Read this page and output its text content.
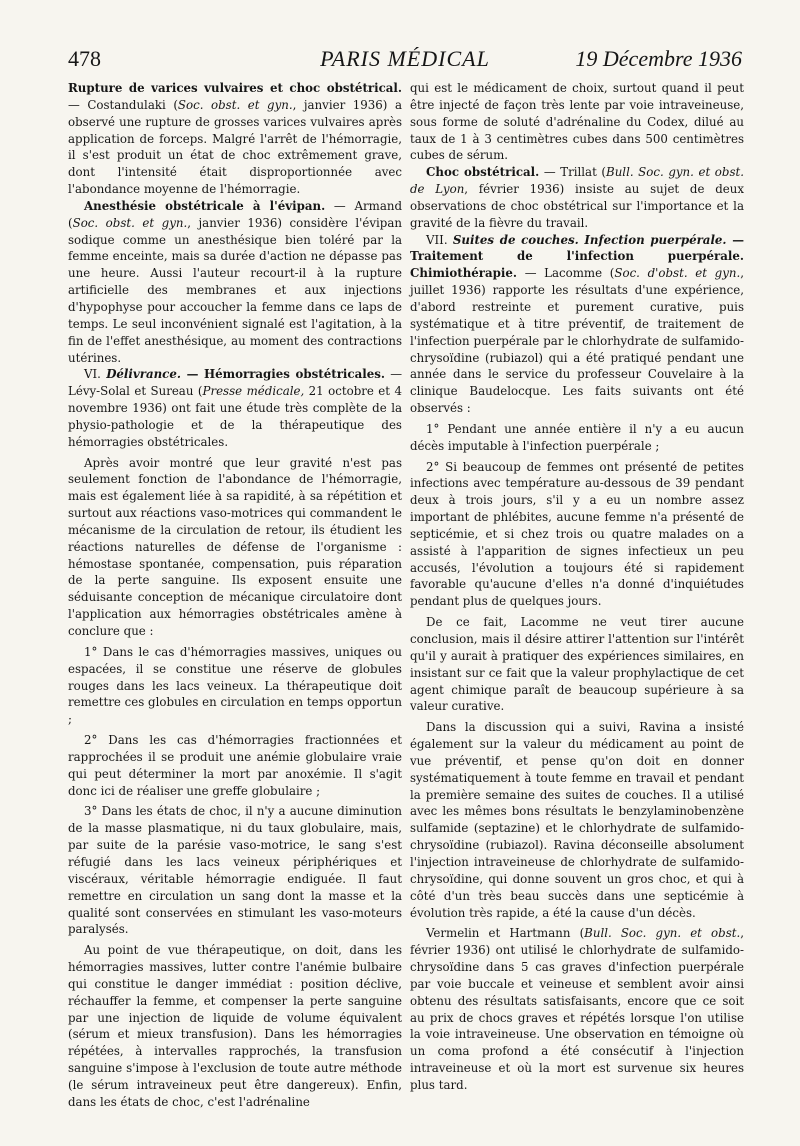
478	PARIS MÉDICAL	19 Décembre 1936

Rupture de varices vulvaires et choc obstétrical. — Costandulaki (Soc. obst. et gyn., janvier 1936) a observé une rupture de grosses varices vulvaires après application de forceps. Malgré l'arrêt de l'hémorragie, il s'est produit un état de choc extrêmement grave, dont l'intensité était disproportionnée avec l'abondance moyenne de l'hémorragie.

Anesthésie obstétricale à l'évipan. — Armand (Soc. obst. et gyn., janvier 1936) considère l'évipan sodique comme un anesthésique bien toléré par la femme enceinte, mais sa durée d'action ne dépasse pas une heure. Aussi l'auteur recourt-il à la rupture artificielle des membranes et aux injections d'hypophyse pour accoucher la femme dans ce laps de temps. Le seul inconvénient signalé est l'agitation, à la fin de l'effet anesthésique, au moment des contractions utérines.

VI. Délivrance. — Hémorragies obstétricales. — Lévy-Solal et Sureau (Presse médicale, 21 octobre et 4 novembre 1936) ont fait une étude très complète de la physio-pathologie et de la thérapeutique des hémorragies obstétricales.

Après avoir montré que leur gravité n'est pas seulement fonction de l'abondance de l'hémorragie, mais est également liée à sa rapidité, à sa répétition et surtout aux réactions vaso-motrices qui commandent le mécanisme de la circulation de retour, ils étudient les réactions naturelles de défense de l'organisme : hémostase spontanée, compensation, puis réparation de la perte sanguine. Ils exposent ensuite une séduisante conception de mécanique circulatoire dont l'application aux hémorragies obstétricales amène à conclure que :

1° Dans le cas d'hémorragies massives, uniques ou espacées, il se constitue une réserve de globules rouges dans les lacs veineux. La thérapeutique doit remettre ces globules en circulation en temps opportun ;

2° Dans les cas d'hémorragies fractionnées et rapprochées il se produit une anémie globulaire vraie qui peut déterminer la mort par anoxémie. Il s'agit donc ici de réaliser une greffe globulaire ;

3° Dans les états de choc, il n'y a aucune diminution de la masse plasmatique, ni du taux globulaire, mais, par suite de la parésie vaso-motrice, le sang s'est réfugié dans les lacs veineux périphériques et viscéraux, véritable hémorragie endiguée. Il faut remettre en circulation un sang dont la masse et la qualité sont conservées en stimulant les vaso-moteurs paralysés.

Au point de vue thérapeutique, on doit, dans les hémorragies massives, lutter contre l'anémie bulbaire qui constitue le danger immédiat : position déclive, réchauffer la femme, et compenser la perte sanguine par une injection de liquide de volume équivalent (sérum et mieux transfusion). Dans les hémorragies répétées, à intervalles rapprochés, la transfusion sanguine s'impose à l'exclusion de toute autre méthode (le sérum intraveineux peut être dangereux). Enfin, dans les états de choc, c'est l'adrénaline

qui est le médicament de choix, surtout quand il peut être injecté de façon très lente par voie intraveineuse, sous forme de soluté d'adrénaline du Codex, dilué au taux de 1 à 3 centimètres cubes dans 500 centimètres cubes de sérum.

Choc obstétrical. — Trillat (Bull. Soc. gyn. et obst. de Lyon, février 1936) insiste au sujet de deux observations de choc obstétrical sur l'importance et la gravité de la fièvre du travail.

VII. Suites de couches. Infection puerpérale. — Traitement de l'infection puerpérale. Chimiothérapie. — Lacomme (Soc. d'obst. et gyn., juillet 1936) rapporte les résultats d'une expérience, d'abord restreinte et purement curative, puis systématique et à titre préventif, de traitement de l'infection puerpérale par le chlorhydrate de sulfamido-chrysoïdine (rubiazol) qui a été pratiqué pendant une année dans le service du professeur Couvelaire à la clinique Baudelocque. Les faits suivants ont été observés :

1° Pendant une année entière il n'y a eu aucun décès imputable à l'infection puerpérale ;

2° Si beaucoup de femmes ont présenté de petites infections avec température au-dessous de 39 pendant deux à trois jours, s'il y a eu un nombre assez important de phlébites, aucune femme n'a présenté de septicémie, et si chez trois ou quatre malades on a assisté à l'apparition de signes infectieux un peu accusés, l'évolution a toujours été si rapidement favorable qu'aucune d'elles n'a donné d'inquiétudes pendant plus de quelques jours.

De ce fait, Lacomme ne veut tirer aucune conclusion, mais il désire attirer l'attention sur l'intérêt qu'il y aurait à pratiquer des expériences similaires, en insistant sur ce fait que la valeur prophylactique de cet agent chimique paraît de beaucoup supérieure à sa valeur curative.

Dans la discussion qui a suivi, Ravina a insisté également sur la valeur du médicament au point de vue préventif, et pense qu'on doit en donner systématiquement à toute femme en travail et pendant la première semaine des suites de couches. Il a utilisé avec les mêmes bons résultats le benzylaminobenzène sulfamide (septazine) et le chlorhydrate de sulfamido-chrysoïdine (rubiazol). Ravina déconseille absolument l'injection intraveineuse de chlorhydrate de sulfamido-chrysoïdine, qui donne souvent un gros choc, et qui à côté d'un très beau succès dans une septicémie à évolution très rapide, a été la cause d'un décès.

Vermelin et Hartmann (Bull. Soc. gyn. et obst., février 1936) ont utilisé le chlorhydrate de sulfamido-chrysoïdine dans 5 cas graves d'infection puerpérale par voie buccale et veineuse et semblent avoir ainsi obtenu des résultats satisfaisants, encore que ce soit au prix de chocs graves et répétés lorsque l'on utilise la voie intraveineuse. Une observation en témoigne où un coma profond a été consécutif à l'injection intraveineuse et où la mort est survenue six heures plus tard.
